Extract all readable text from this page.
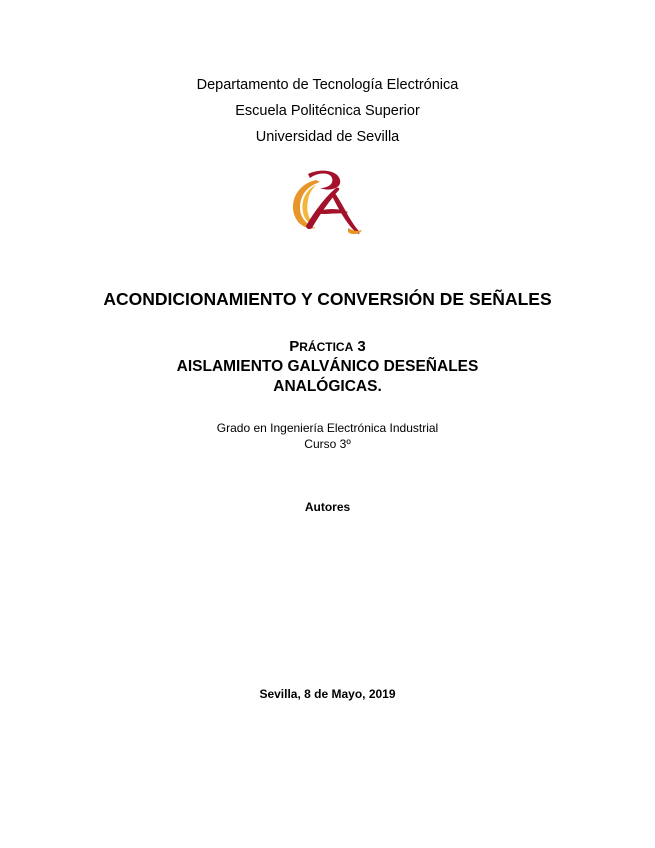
Departamento de Tecnología Electrónica
Escuela Politécnica Superior
Universidad de Sevilla
ACONDICIONAMIENTO Y CONVERSIÓN DE SEÑALES
PRÁCTICA 3
AISLAMIENTO GALVÁNICO DESEÑALES
ANALÓGICAS.
Grado en Ingeniería Electrónica Industrial
Curso 3º
Autores
Sevilla, 8 de Mayo, 2019
